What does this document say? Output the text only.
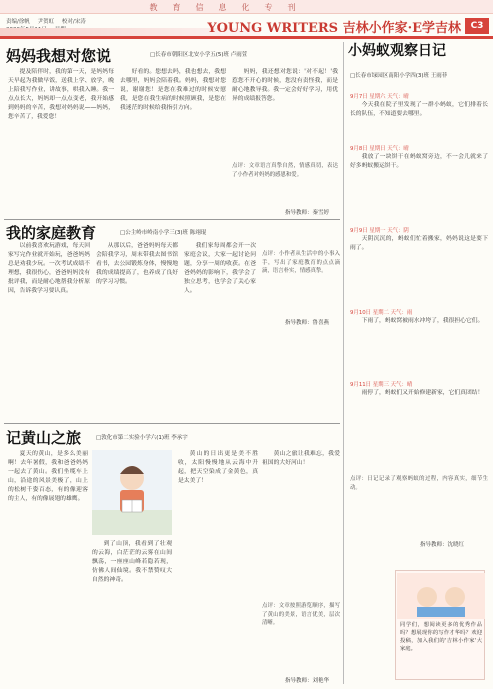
教育信息化专刊
责编/徐帆 尹贺虹 校对/宋涛	YOUNG WRITERS 吉林小作家·E学吉林	C3
妈妈我想对您说	□长春市朝阳区北安小学五(5)班 卢雨萱

提及陪伴时，我的第一天，是妈妈每天早起为我做早饭，送我上学、放学，晚上陪我写作业，讲故事，哄我入睡。我一点点长大，妈妈却一点点变老，我开始感到妈妈的辛苦，我想对妈妈说——妈妈，您辛苦了，我爱您！

好看的。您想去吗，我也想去，我想去哪里，妈妈会陪着我。妈妈，我想对您说，谢谢您！是您在我难过的时候安慰我，是您在我生病的时候照顾我，是您在我迷茫的时候给我指引方向。

妈妈，我还想对您说：'对不起！'我惹您不开心的时候，您没有责怪我，而是耐心地教导我。我一定会好好学习，用优异的成绩报答您。

点评：文章语言真挚自然，情感真切，表达了小作者对妈妈的感恩和爱。
指导教师：秦雪婷
我的家庭教育	□公主岭市岭南小学三(3)班 陈翊琨

以前我喜欢玩游戏，每天回家写完作业就开始玩，爸爸妈妈总是劝我少玩。一次考试成绩不理想，我很伤心，爸爸妈妈没有批评我，而是耐心地帮我分析原因，告诉我学习要认真。

从那以后，爸爸妈妈每天都会陪我学习，周末带我去图书馆看书，去公园锻炼身体，慢慢地我的成绩提高了，也养成了良好的学习习惯。

我们家每周都会开一次家庭会议，大家一起讨论问题，分享一周的收获。在爸爸妈妈的影响下，我学会了独立思考，也学会了关心家人。

点评：小作者从生活中的小事入手，写出了家庭教育的点点滴滴，语言朴实，情感真挚。
指导教师：鲁喜燕
记黄山之旅	□敦化市第二实验小学六(1)班 李承宇

夏天的黄山，是多么美丽啊！去年暑假，我和爸爸妈妈一起去了黄山。我们坐缆车上山，沿途的风景美极了，山上的松树千姿百态，有的像迎客的主人，有的像展翅的雄鹰。

到了山顶，我看到了壮观的云海，白茫茫的云雾在山间飘荡，一座座山峰若隐若现，仿佛人间仙境。我不禁赞叹大自然的神奇。

黄山的日出更是美不胜收，太阳慢慢地从云海中升起，把天空染成了金黄色，真是太美了！

黄山之旅让我难忘，我爱祖国的大好河山！

点评：文章按照游览顺序，描写了黄山的美景，语言优美，层次清晰。
指导教师：刘艳华
小妈蚁观察日记
□长春市绿园区南阳小学四(3)班 王雨菲
9月7日 星期六 天气：晴

今天我在院子里发现了一群小蚂蚁，它们排着长长的队伍，不知道要去哪里。

9月8日 星期日 天气：晴

我放了一块饼干在蚂蚁窝旁边，不一会儿就来了好多蚂蚁搬运饼干。

9月9日 星期一 天气：阴

天阴沉沉的，蚂蚁们忙着搬家，妈妈说这是要下雨了。

9月10日 星期二 天气：雨

下雨了，蚂蚁窝被雨水冲垮了，我很担心它们。

9月11日 星期三 天气：晴

雨停了，蚂蚁们又开始修建新家，它们真团结！

点评：日记记录了观察蚂蚁的过程，内容真实，细节生动。
指导教师：沈晓红
同学们，想阅读更多的优秀作品吗？想展现你的写作才华吗？欢迎投稿，加入我们的'吉林小作家'大家庭。
